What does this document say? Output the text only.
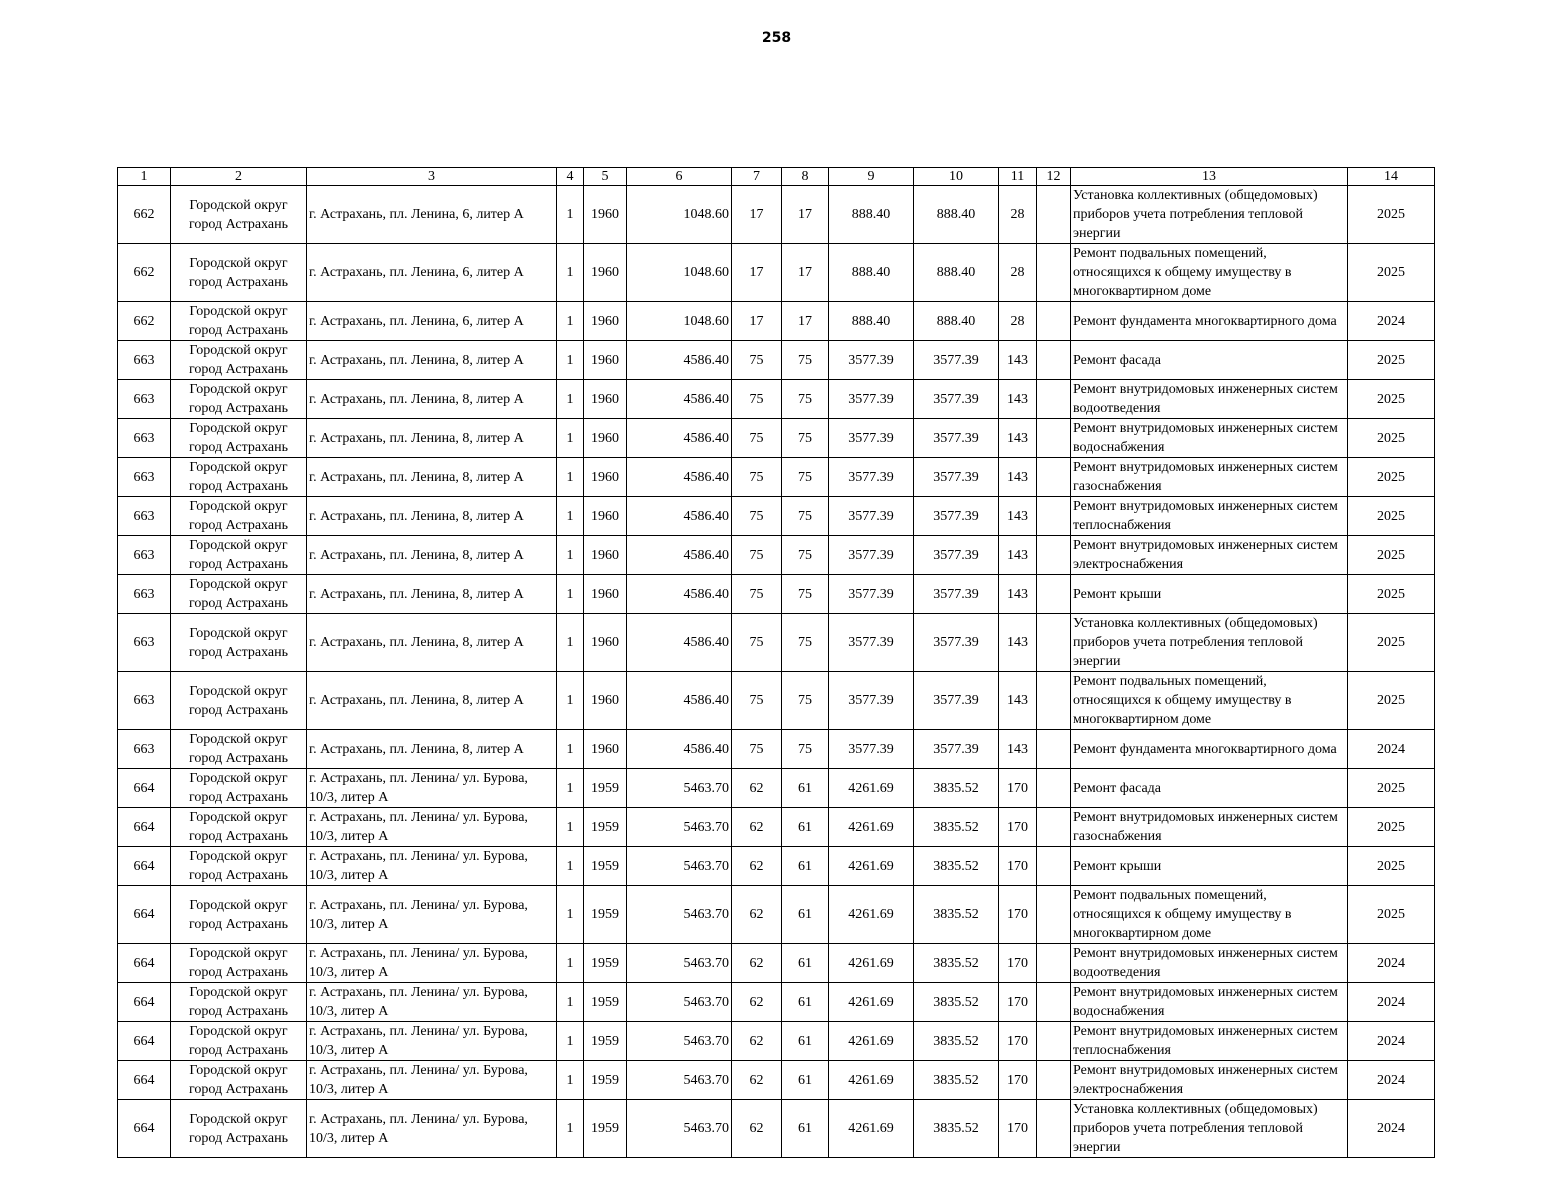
258
1	2	3	4	5	6	7	8	9	10	11	12	13	14
662	Городской округ город Астрахань	г. Астрахань, пл. Ленина, 6, литер А	1	1960	1048.60	17	17	888.40	888.40	28		Установка коллективных (общедомовых) приборов учета потребления тепловой энергии	2025
662	Городской округ город Астрахань	г. Астрахань, пл. Ленина, 6, литер А	1	1960	1048.60	17	17	888.40	888.40	28		Ремонт подвальных помещений, относящихся к общему имуществу в многоквартирном доме	2025
662	Городской округ город Астрахань	г. Астрахань, пл. Ленина, 6, литер А	1	1960	1048.60	17	17	888.40	888.40	28		Ремонт фундамента многоквартирного дома	2024
663	Городской округ город Астрахань	г. Астрахань, пл. Ленина, 8, литер А	1	1960	4586.40	75	75	3577.39	3577.39	143		Ремонт фасада	2025
663	Городской округ город Астрахань	г. Астрахань, пл. Ленина, 8, литер А	1	1960	4586.40	75	75	3577.39	3577.39	143		Ремонт внутридомовых инженерных систем водоотведения	2025
663	Городской округ город Астрахань	г. Астрахань, пл. Ленина, 8, литер А	1	1960	4586.40	75	75	3577.39	3577.39	143		Ремонт внутридомовых инженерных систем водоснабжения	2025
663	Городской округ город Астрахань	г. Астрахань, пл. Ленина, 8, литер А	1	1960	4586.40	75	75	3577.39	3577.39	143		Ремонт внутридомовых инженерных систем газоснабжения	2025
663	Городской округ город Астрахань	г. Астрахань, пл. Ленина, 8, литер А	1	1960	4586.40	75	75	3577.39	3577.39	143		Ремонт внутридомовых инженерных систем теплоснабжения	2025
663	Городской округ город Астрахань	г. Астрахань, пл. Ленина, 8, литер А	1	1960	4586.40	75	75	3577.39	3577.39	143		Ремонт внутридомовых инженерных систем электроснабжения	2025
663	Городской округ город Астрахань	г. Астрахань, пл. Ленина, 8, литер А	1	1960	4586.40	75	75	3577.39	3577.39	143		Ремонт крыши	2025
663	Городской округ город Астрахань	г. Астрахань, пл. Ленина, 8, литер А	1	1960	4586.40	75	75	3577.39	3577.39	143		Установка коллективных (общедомовых) приборов учета потребления тепловой энергии	2025
663	Городской округ город Астрахань	г. Астрахань, пл. Ленина, 8, литер А	1	1960	4586.40	75	75	3577.39	3577.39	143		Ремонт подвальных помещений, относящихся к общему имуществу в многоквартирном доме	2025
663	Городской округ город Астрахань	г. Астрахань, пл. Ленина, 8, литер А	1	1960	4586.40	75	75	3577.39	3577.39	143		Ремонт фундамента многоквартирного дома	2024
664	Городской округ город Астрахань	г. Астрахань, пл. Ленина/ ул. Бурова, 10/3, литер А	1	1959	5463.70	62	61	4261.69	3835.52	170		Ремонт фасада	2025
664	Городской округ город Астрахань	г. Астрахань, пл. Ленина/ ул. Бурова, 10/3, литер А	1	1959	5463.70	62	61	4261.69	3835.52	170		Ремонт внутридомовых инженерных систем газоснабжения	2025
664	Городской округ город Астрахань	г. Астрахань, пл. Ленина/ ул. Бурова, 10/3, литер А	1	1959	5463.70	62	61	4261.69	3835.52	170		Ремонт крыши	2025
664	Городской округ город Астрахань	г. Астрахань, пл. Ленина/ ул. Бурова, 10/3, литер А	1	1959	5463.70	62	61	4261.69	3835.52	170		Ремонт подвальных помещений, относящихся к общему имуществу в многоквартирном доме	2025
664	Городской округ город Астрахань	г. Астрахань, пл. Ленина/ ул. Бурова, 10/3, литер А	1	1959	5463.70	62	61	4261.69	3835.52	170		Ремонт внутридомовых инженерных систем водоотведения	2024
664	Городской округ город Астрахань	г. Астрахань, пл. Ленина/ ул. Бурова, 10/3, литер А	1	1959	5463.70	62	61	4261.69	3835.52	170		Ремонт внутридомовых инженерных систем водоснабжения	2024
664	Городской округ город Астрахань	г. Астрахань, пл. Ленина/ ул. Бурова, 10/3, литер А	1	1959	5463.70	62	61	4261.69	3835.52	170		Ремонт внутридомовых инженерных систем теплоснабжения	2024
664	Городской округ город Астрахань	г. Астрахань, пл. Ленина/ ул. Бурова, 10/3, литер А	1	1959	5463.70	62	61	4261.69	3835.52	170		Ремонт внутридомовых инженерных систем электроснабжения	2024
664	Городской округ город Астрахань	г. Астрахань, пл. Ленина/ ул. Бурова, 10/3, литер А	1	1959	5463.70	62	61	4261.69	3835.52	170		Установка коллективных (общедомовых) приборов учета потребления тепловой энергии	2024
